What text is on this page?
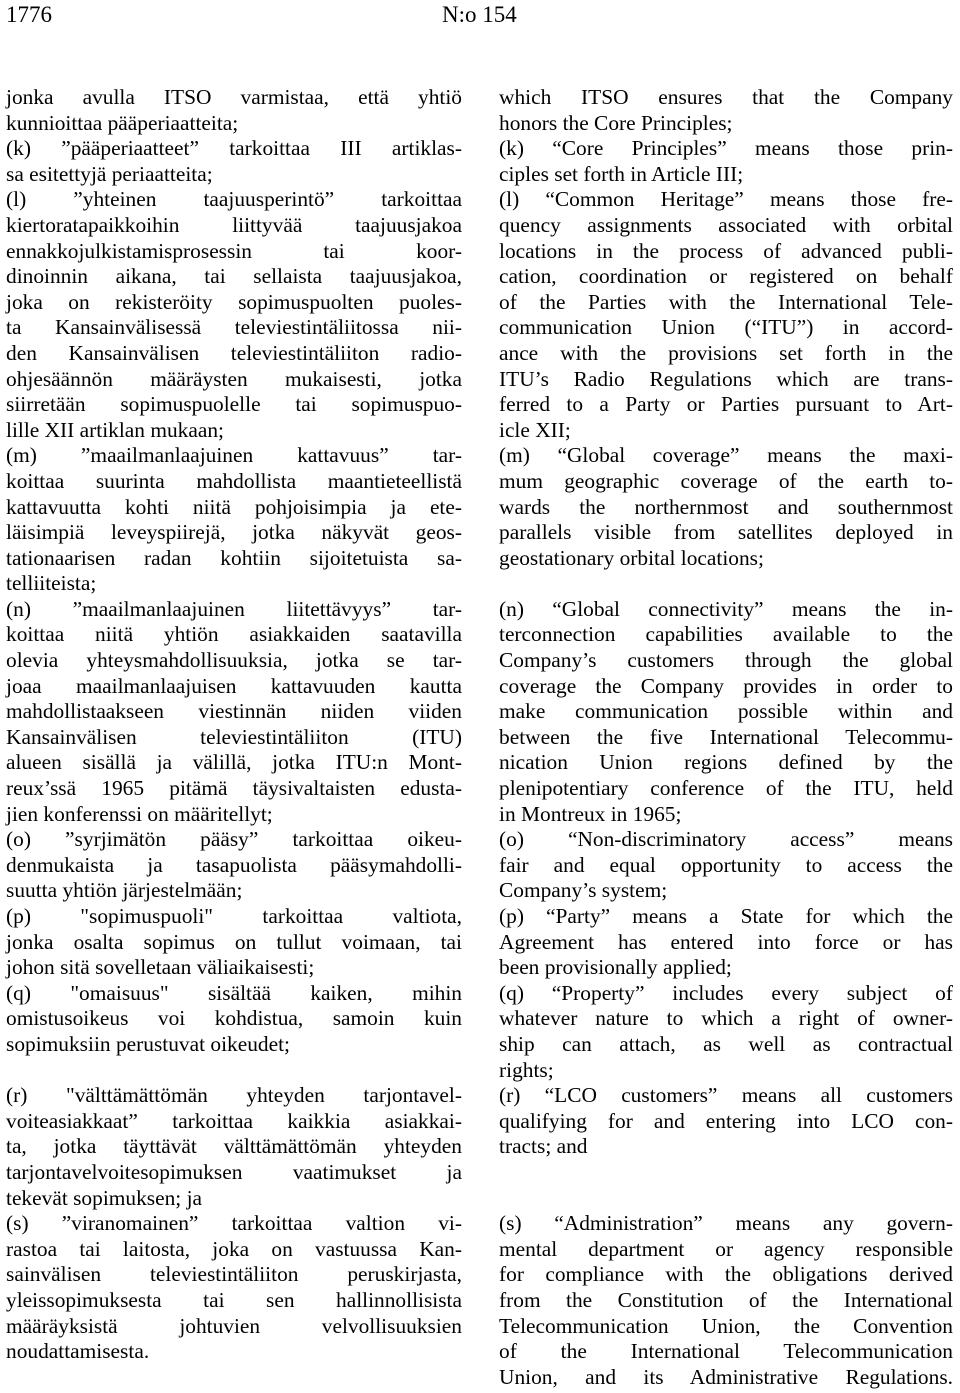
1776	N:o 154
jonka avulla ITSO varmistaa, että yhtiö
kunnioittaa pääperiaatteita;
(k) ”pääperiaatteet” tarkoittaa III artiklas-
sa esitettyjä periaatteita;
(l) ”yhteinen taajuusperintö” tarkoittaa
kiertoratapaikkoihin liittyvää taajuusjakoa
ennakkojulkistamisprosessin tai koor-
dinoinnin aikana, tai sellaista taajuusjakoa,
joka on rekisteröity sopimuspuolten puoles-
ta Kansainvälisessä televiestintäliitossa nii-
den Kansainvälisen televiestintäliiton radio-
ohjesäännön määräysten mukaisesti, jotka
siirretään sopimuspuolelle tai sopimuspuo-
lille XII artiklan mukaan;
(m) ”maailmanlaajuinen kattavuus” tar-
koittaa suurinta mahdollista maantieteellistä
kattavuutta kohti niitä pohjoisimpia ja ete-
läisimpiä leveyspiirejä, jotka näkyvät geos-
tationaarisen radan kohtiin sijoitetuista sa-
telliiteista;
(n) ”maailmanlaajuinen liitettävyys” tar-
koittaa niitä yhtiön asiakkaiden saatavilla
olevia yhteysmahdollisuuksia, jotka se tar-
joaa maailmanlaajuisen kattavuuden kautta
mahdollistaakseen viestinnän niiden viiden
Kansainvälisen televiestintäliiton (ITU)
alueen sisällä ja välillä, jotka ITU:n Mont-
reux’ssä 1965 pitämä täysivaltaisten edusta-
jien konferenssi on määritellyt;
(o) ”syrjimätön pääsy” tarkoittaa oikeu-
denmukaista ja tasapuolista pääsymahdolli-
suutta yhtiön järjestelmään;
(p) "sopimuspuoli" tarkoittaa valtiota,
jonka osalta sopimus on tullut voimaan, tai
johon sitä sovelletaan väliaikaisesti;
(q) "omaisuus" sisältää kaiken, mihin
omistusoikeus voi kohdistua, samoin kuin
sopimuksiin perustuvat oikeudet;
(r) "välttämättömän yhteyden tarjontavel-
voiteasiakkaat” tarkoittaa kaikkia asiakkai-
ta, jotka täyttävät välttämättömän yhteyden
tarjontavelvoitesopimuksen vaatimukset ja
tekevät sopimuksen; ja
(s) ”viranomainen” tarkoittaa valtion vi-
rastoa tai laitosta, joka on vastuussa Kan-
sainvälisen televiestintäliiton peruskirjasta,
yleissopimuksesta tai sen hallinnollisista
määräyksistä johtuvien velvollisuuksien
noudattamisesta.
which ITSO ensures that the Company
honors the Core Principles;
(k) “Core Principles” means those prin-
ciples set forth in Article III;
(l) “Common Heritage” means those fre-
quency assignments associated with orbital
locations in the process of advanced publi-
cation, coordination or registered on behalf
of the Parties with the International Tele-
communication Union (“ITU”) in accord-
ance with the provisions set forth in the
ITU’s Radio Regulations which are trans-
ferred to a Party or Parties pursuant to Art-
icle XII;
(m) “Global coverage” means the maxi-
mum geographic coverage of the earth to-
wards the northernmost and southernmost
parallels visible from satellites deployed in
geostationary orbital locations;
(n) “Global connectivity” means the in-
terconnection capabilities available to the
Company’s customers through the global
coverage the Company provides in order to
make communication possible within and
between the five International Telecommu-
nication Union regions defined by the
plenipotentiary conference of the ITU, held
in Montreux in 1965;
(o) “Non-discriminatory access” means
fair and equal opportunity to access the
Company’s system;
(p) “Party” means a State for which the
Agreement has entered into force or has
been provisionally applied;
(q) “Property” includes every subject of
whatever nature to which a right of owner-
ship can attach, as well as contractual
rights;
(r) “LCO customers” means all customers
qualifying for and entering into LCO con-
tracts; and
(s) “Administration” means any govern-
mental department or agency responsible
for compliance with the obligations derived
from the Constitution of the International
Telecommunication Union, the Convention
of the International Telecommunication
Union, and its Administrative Regulations.
